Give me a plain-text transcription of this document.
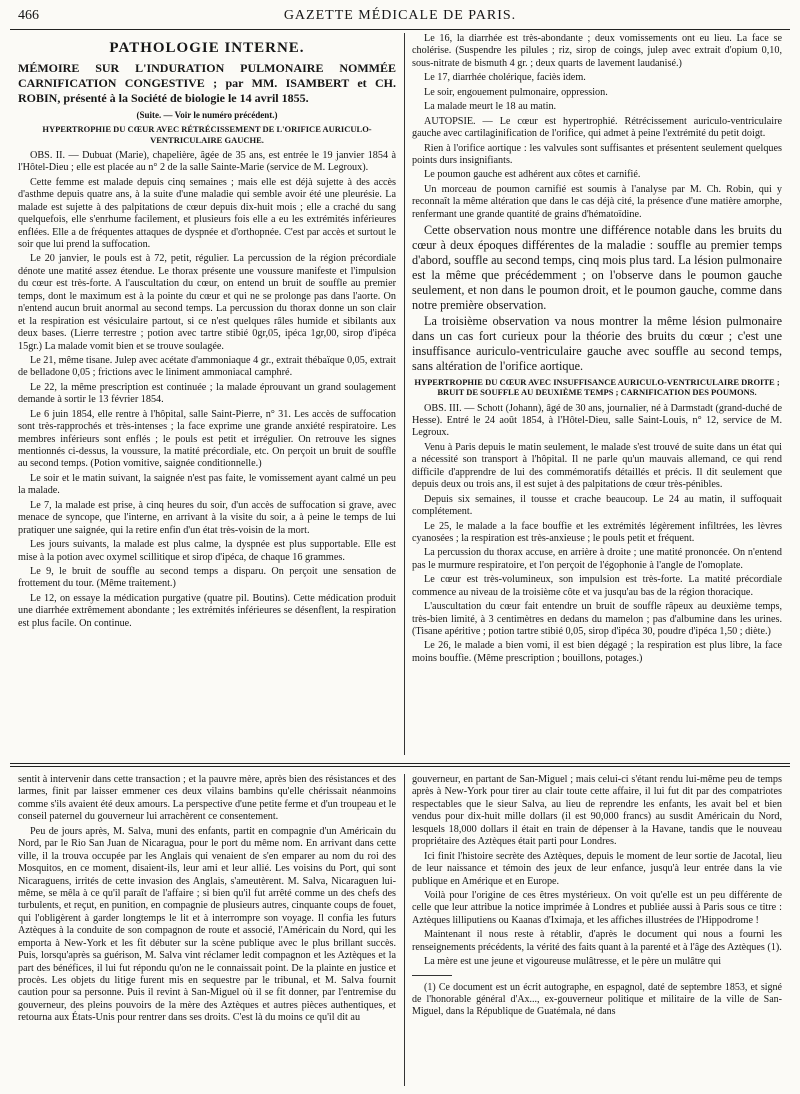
466	GAZETTE MÉDICALE DE PARIS.
PATHOLOGIE INTERNE.

MÉMOIRE SUR L'INDURATION PULMONAIRE NOMMÉE CARNIFICATION CONGESTIVE ; par MM. ISAMBERT et CH. ROBIN, présenté à la Société de biologie le 14 avril 1855.

(Suite. — Voir le numéro précédent.)

HYPERTROPHIE DU CŒUR AVEC RÉTRÉCISSEMENT DE L'ORIFICE AURICULO-VENTRICULAIRE GAUCHE.

OBS. II. — Dubuat (Marie), chapelière, âgée de 35 ans, est entrée le 19 janvier 1854 à l'Hôtel-Dieu ; elle est placée au n° 2 de la salle Sainte-Marie (service de M. Legroux).

Cette femme est malade depuis cinq semaines ; mais elle est déjà sujette à des accès d'asthme depuis quatre ans, à la suite d'une maladie qui semble avoir été une pleurésie. La malade est sujette à des palpitations de cœur depuis dix-huit mois ; elle a craché du sang quelquefois, elle s'enrhume facilement, et plusieurs fois elle a eu les extrémités inférieures enflées. Elle a de fréquentes attaques de dyspnée et d'orthopnée. C'est par accès et surtout le soir que lui prend la suffocation.

Le 20 janvier, le pouls est à 72, petit, régulier. La percussion de la région précordiale dénote une matité assez étendue. Le thorax présente une voussure manifeste et l'impulsion du cœur est très-forte. A l'auscultation du cœur, on entend un bruit de souffle au premier temps, dont le maximum est à la pointe du cœur et qui ne se prolonge pas dans l'aorte. On n'entend aucun bruit anormal au second temps. La percussion du thorax donne un son clair et la respiration est vésiculaire partout, si ce n'est quelques râles humide et sibilants aux deux bases. (Lierre terrestre ; potion avec tartre stibié 0gr,05, ipéca 1gr,00, sirop d'ipéca 15gr.) La malade vomit bien et se trouve soulagée.

Le 21, même tisane. Julep avec acétate d'ammoniaque 4 gr., extrait thébaïque 0,05, extrait de belladone 0,05 ; frictions avec le liniment ammoniacal camphré.

Le 22, la même prescription est continuée ; la malade éprouvant un grand soulagement demande à sortir le 13 février 1854.

Le 6 juin 1854, elle rentre à l'hôpital, salle Saint-Pierre, n° 31. Les accès de suffocation sont très-rapprochés et très-intenses ; la face exprime une grande anxiété respiratoire. Les membres inférieurs sont enflés ; le pouls est petit et irrégulier. On retrouve les signes mentionnés ci-dessus, la voussure, la matité précordiale, etc. On perçoit un bruit de souffle au second temps. (Potion vomitive, saignée conditionnelle.)

Le soir et le matin suivant, la saignée n'est pas faite, le vomissement ayant calmé un peu la malade.

Le 7, la malade est prise, à cinq heures du soir, d'un accès de suffocation si grave, avec menace de syncope, que l'interne, en arrivant à la visite du soir, a à peine le temps de lui pratiquer une saignée, qui la retire enfin d'un état très-voisin de la mort.

Les jours suivants, la malade est plus calme, la dyspnée est plus supportable. Elle est mise à la potion avec oxymel scillitique et sirop d'ipéca, de chaque 16 grammes.

Le 9, le bruit de souffle au second temps a disparu. On perçoit une sensation de frottement du tour. (Même traitement.)

Le 12, on essaye la médication purgative (quatre pil. Boutins). Cette médication produit une diarrhée extrêmement abondante ; les extrémités inférieures se désenflent, la respiration est plus facile. On continue.

Le 16, la diarrhée est très-abondante ; deux vomissements ont eu lieu. La face se cholérise. (Suspendre les pilules ; riz, sirop de coings, julep avec extrait d'opium 0,10, sous-nitrate de bismuth 4 gr. ; deux quarts de lavement laudanisé.)

Le 17, diarrhée cholérique, faciès idem.

Le soir, engouement pulmonaire, oppression.

La malade meurt le 18 au matin.

AUTOPSIE. — Le cœur est hypertrophié. Rétrécissement auriculo-ventriculaire gauche avec cartilaginification de l'orifice, qui admet à peine l'extrémité du petit doigt.

Rien à l'orifice aortique : les valvules sont suffisantes et présentent seulement quelques points durs insignifiants.

Le poumon gauche est adhérent aux côtes et carnifié.

Un morceau de poumon carnifié est soumis à l'analyse par M. Ch. Robin, qui y reconnaît la même altération que dans le cas déjà cité, la présence d'une matière amorphe, renfermant une grande quantité de grains d'hématoïdine.

Cette observation nous montre une différence notable dans les bruits du cœur à deux époques différentes de la maladie : souffle au premier temps d'abord, souffle au second temps, cinq mois plus tard. La lésion pulmonaire est la même que précédemment ; on l'observe dans le poumon gauche seulement, et non dans le poumon droit, et le poumon gauche, comme dans notre première observation.

La troisième observation va nous montrer la même lésion pulmonaire dans un cas fort curieux pour la théorie des bruits du cœur ; c'est une insuffisance auriculo-ventriculaire gauche avec souffle au second temps, sans altération de l'orifice aortique.

HYPERTROPHIE DU CŒUR AVEC INSUFFISANCE AURICULO-VENTRICULAIRE DROITE ; BRUIT DE SOUFFLE AU DEUXIÈME TEMPS ; CARNIFICATION DES POUMONS.

OBS. III. — Schott (Johann), âgé de 30 ans, journalier, né à Darmstadt (grand-duché de Hesse). Entré le 24 août 1854, à l'Hôtel-Dieu, salle Saint-Louis, n° 12, service de M. Legroux.

Venu à Paris depuis le matin seulement, le malade s'est trouvé de suite dans un état qui a nécessité son transport à l'hôpital. Il ne parle qu'un mauvais allemand, ce qui rend difficile d'apprendre de lui des commémoratifs détaillés et précis. Il dit seulement que depuis deux ou trois ans, il est sujet à des palpitations de cœur très-pénibles.

Depuis six semaines, il tousse et crache beaucoup. Le 24 au matin, il suffoquait complétement.

Le 25, le malade a la face bouffie et les extrémités légèrement infiltrées, les lèvres cyanosées ; la respiration est très-anxieuse ; le pouls petit et fréquent.

La percussion du thorax accuse, en arrière à droite ; une matité prononcée. On n'entend pas le murmure respiratoire, et l'on perçoit de l'égophonie à l'angle de l'omoplate.

Le cœur est très-volumineux, son impulsion est très-forte. La matité précordiale commence au niveau de la troisième côte et va jusqu'au bas de la région thoracique.

L'auscultation du cœur fait entendre un bruit de souffle râpeux au deuxième temps, très-bien limité, à 3 centimètres en dedans du mamelon ; pas d'albumine dans les urines. (Tisane apéritive ; potion tartre stibié 0,05, sirop d'ipéca 30, poudre d'ipéca 1,50 ; diète.)

Le 26, le malade a bien vomi, il est bien dégagé ; la respiration est plus libre, la face moins bouffie. (Même prescription ; bouillons, potages.)

sentit à intervenir dans cette transaction ; et la pauvre mère, après bien des résistances et des larmes, finit par laisser emmener ces deux vilains bambins qu'elle chérissait néanmoins comme s'ils avaient été deux amours. La perspective d'une petite ferme et d'un troupeau et le conseil paternel du gouverneur lui arrachèrent ce consentement.

Peu de jours après, M. Salva, muni des enfants, partit en compagnie d'un Américain du Nord, par le Rio San Juan de Nicaragua, pour le port du même nom. En arrivant dans cette ville, il la trouva occupée par les Anglais qui venaient de s'en emparer au nom du roi des Mosquitos, en ce moment, disaient-ils, leur ami et leur allié. Les voisins du Port, qui sont Nicaraguens, irrités de cette invasion des Anglais, s'ameutèrent. M. Salva, Nicaraguen lui-même, se mêla à ce qu'il paraît de l'affaire ; si bien qu'il fut arrêté comme un des chefs des turbulents, et reçut, en punition, en compagnie de plusieurs autres, cinquante coups de fouet, qui l'obligèrent à garder longtemps le lit et à interrompre son voyage. Il confia les futurs Aztèques à la conduite de son compagnon de route et associé, l'Américain du Nord, qui les emporta à New-York et les fit débuter sur la scène publique avec le plus brillant succès. Puis, lorsqu'après sa guérison, M. Salva vint réclamer ledit compagnon et les Aztèques et la part des bénéfices, il lui fut répondu qu'on ne le connaissait point. De la plainte en justice et procès. Les objets du litige furent mis en sequestre par le tribunal, et M. Salva fournit caution pour sa personne. Puis il revint à San-Miguel où il se fit donner, par l'entremise du gouverneur, des pleins pouvoirs de la mère des Aztèques et autres pièces authentiques, et retourna aux États-Unis pour rentrer dans ses droits. C'est là du moins ce qu'il dit au

gouverneur, en partant de San-Miguel ; mais celui-ci s'étant rendu lui-même peu de temps après à New-York pour tirer au clair toute cette affaire, il lui fut dit par des compatriotes respectables que le sieur Salva, au lieu de reprendre les enfants, les avait bel et bien vendus pour dix-huit mille dollars (il est 90,000 francs) au susdit Américain du Nord, lesquels 18,000 dollars il était en train de dépenser à la Havane, tandis que le nouveau propriétaire des Aztèques était parti pour Londres.

Ici finit l'histoire secrète des Aztèques, depuis le moment de leur sortie de Jacotal, lieu de leur naissance et témoin des jeux de leur enfance, jusqu'à leur entrée dans la vie publique en Amérique et en Europe.

Voilà pour l'origine de ces êtres mystérieux. On voit qu'elle est un peu différente de celle que leur attribue la notice imprimée à Londres et publiée aussi à Paris sous ce titre : Aztèques lilliputiens ou Kaanas d'Iximaja, et les affiches illustrées de l'Hippodrome !

Maintenant il nous reste à rétablir, d'après le document qui nous a fourni les renseignements précédents, la vérité des faits quant à la parenté et à l'âge des Aztèques (1).

La mère est une jeune et vigoureuse mulâtresse, et le père un mulâtre qui

(1) Ce document est un écrit autographe, en espagnol, daté de septembre 1853, et signé de l'honorable général d'Ax..., ex-gouverneur politique et militaire de la ville de San-Miguel, dans la République de Guatémala, né dans
